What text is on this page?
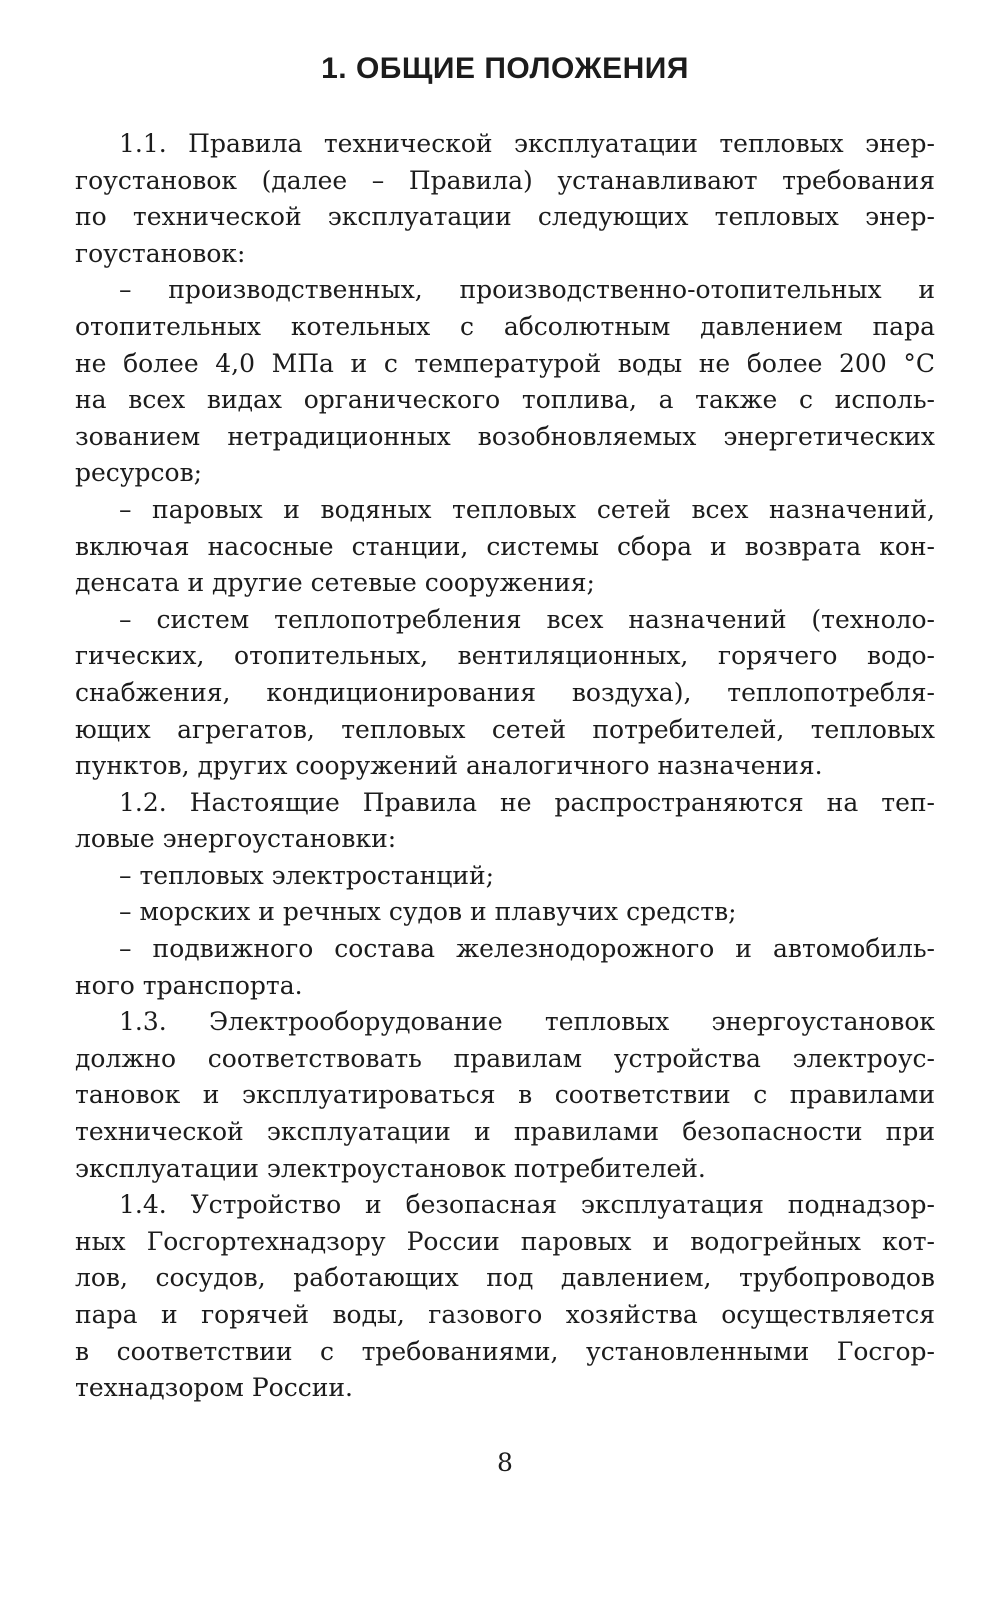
1. ОБЩИЕ ПОЛОЖЕНИЯ
1.1. Правила технической эксплуатации тепловых энер-
гоустановок (далее – Правила) устанавливают требования
по технической эксплуатации следующих тепловых энер-
гоустановок:
– производственных, производственно-отопительных и
отопительных котельных с абсолютным давлением пара
не более 4,0 МПа и с температурой воды не более 200 °С
на всех видах органического топлива, а также с исполь-
зованием нетрадиционных возобновляемых энергетических
ресурсов;
– паровых и водяных тепловых сетей всех назначений,
включая насосные станции, системы сбора и возврата кон-
денсата и другие сетевые сооружения;
– систем теплопотребления всех назначений (техноло-
гических, отопительных, вентиляционных, горячего водо-
снабжения, кондиционирования воздуха), теплопотребля-
ющих агрегатов, тепловых сетей потребителей, тепловых
пунктов, других сооружений аналогичного назначения.
1.2. Настоящие Правила не распространяются на теп-
ловые энергоустановки:
– тепловых электростанций;
– морских и речных судов и плавучих средств;
– подвижного состава железнодорожного и автомобиль-
ного транспорта.
1.3. Электрооборудование тепловых энергоустановок
должно соответствовать правилам устройства электроус-
тановок и эксплуатироваться в соответствии с правилами
технической эксплуатации и правилами безопасности при
эксплуатации электроустановок потребителей.
1.4. Устройство и безопасная эксплуатация поднадзор-
ных Госгортехнадзору России паровых и водогрейных кот-
лов, сосудов, работающих под давлением, трубопроводов
пара и горячей воды, газового хозяйства осуществляется
в соответствии с требованиями, установленными Госгор-
технадзором России.
8
